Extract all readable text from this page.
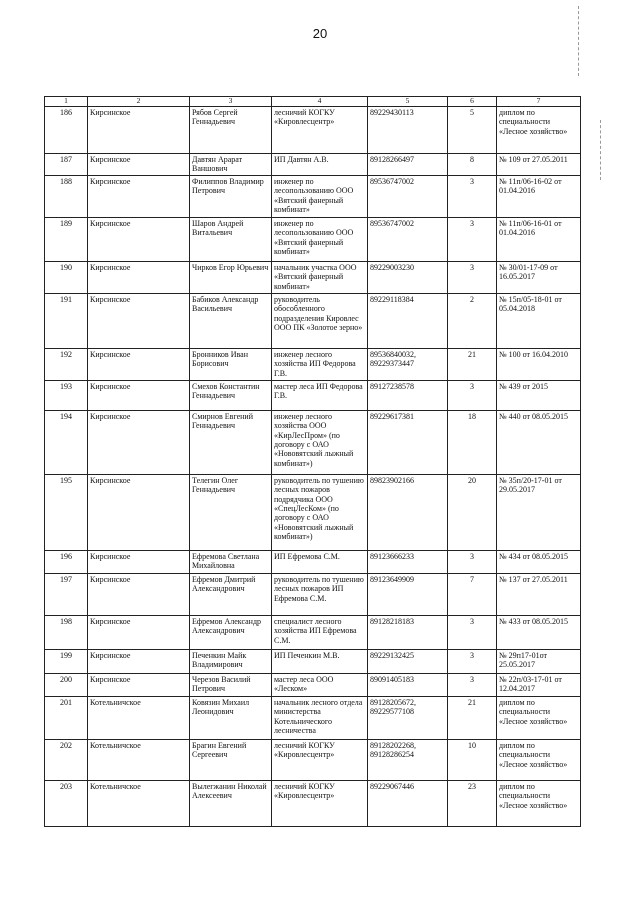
20
1	2	3	4	5	6	7
186	Кирсинское	Рябов Сергей Геннадьевич	лесничий КОГКУ «Кировлесцентр»	89229430113	5	диплом по специальности «Лесное хозяйство»
187	Кирсинское	Давтян Арарат Ваншович	ИП Давтян А.В.	89128266497	8	№ 109 от 27.05.2011
188	Кирсинское	Филиппов Владимир Петрович	инженер по лесопользованию ООО «Вятский фанерный комбинат»	89536747002	3	№ 11п/06-16-02 от 01.04.2016
189	Кирсинское	Шаров Андрей Витальевич	инженер по лесопользованию ООО «Вятский фанерный комбинат»	89536747002	3	№ 11п/06-16-01 от 01.04.2016
190	Кирсинское	Чирков Егор Юрьевич	начальник участка ООО «Вятский фанерный комбинат»	89229003230	3	№ 30/01-17-09 от 16.05.2017
191	Кирсинское	Бабиков Александр Васильевич	руководитель обособленного подразделения Кировлес ООО ПК «Золотое зерно»	89229118384	2	№ 15п/05-18-01 от 05.04.2018
192	Кирсинское	Бронников Иван Борисович	инженер лесного хозяйства ИП Федорова Г.В.	89536840032, 89229373447	21	№ 100 от 16.04.2010
193	Кирсинское	Смехов Константин Геннадьевич	мастер леса ИП Федорова Г.В.	89127238578	3	№ 439 от 2015
194	Кирсинское	Смирнов Евгений Геннадьевич	инженер лесного хозяйства ООО «КирЛесПром» (по договору с ОАО «Нововятский лыжный комбинат»)	89229617381	18	№ 440 от 08.05.2015
195	Кирсинское	Телегин Олег Геннадьевич	руководитель по тушению лесных пожаров подрядчика ООО «СпецЛесКом» (по договору с ОАО «Нововятский лыжный комбинат»)	89823902166	20	№ 35п/20-17-01 от 29.05.2017
196	Кирсинское	Ефремова Светлана Михайловна	ИП Ефремова С.М.	89123666233	3	№ 434 от 08.05.2015
197	Кирсинское	Ефремов Дмитрий Александрович	руководитель по тушению лесных пожаров ИП Ефремова С.М.	89123649909	7	№ 137 от 27.05.2011
198	Кирсинское	Ефремов Александр Александрович	специалист лесного хозяйства ИП Ефремова С.М.	89128218183	3	№ 433 от 08.05.2015
199	Кирсинское	Печенкин Майк Владимирович	ИП Печенкин М.В.	89229132425	3	№ 29п17-01от 25.05.2017
200	Кирсинское	Черезов Василий Петрович	мастер леса ООО «Леском»	89091405183	3	№ 22п/03-17-01 от 12.04.2017
201	Котельничское	Ковязин Михаил Леонидович	начальник лесного отдела министерства Котельнического лесничества	89128205672, 89229577108	21	диплом по специальности «Лесное хозяйство»
202	Котельничское	Брагин Евгений Сергеевич	лесничий КОГКУ «Кировлесцентр»	89128202268, 89128286254	10	диплом по специальности «Лесное хозяйство»
203	Котельничское	Вылегжанин Николай Алексеевич	лесничий КОГКУ «Кировлесцентр»	89229067446	23	диплом по специальности «Лесное хозяйство»
